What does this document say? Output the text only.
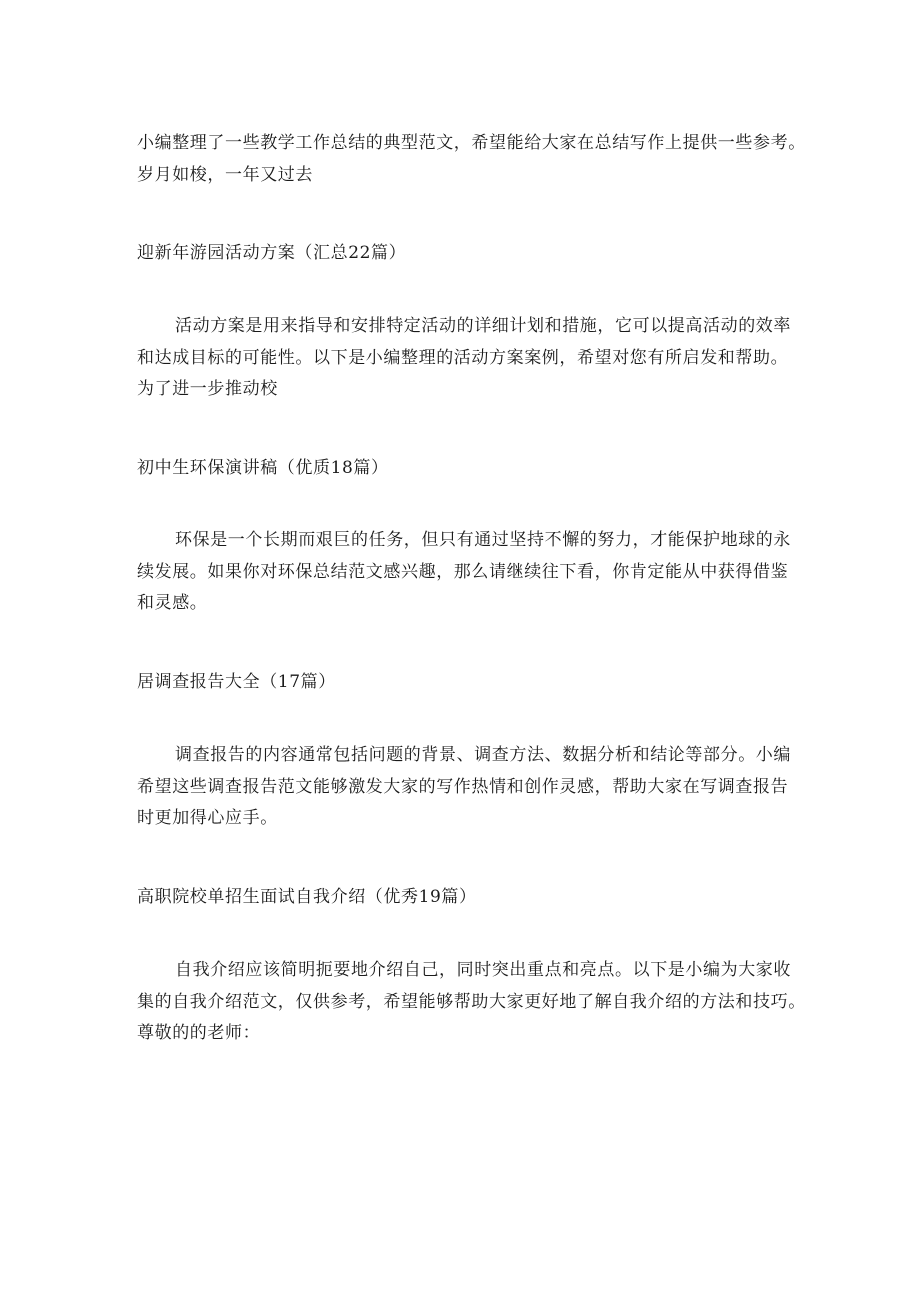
小编整理了一些教学工作总结的典型范文，希望能给大家在总结写作上提供一些参考。
岁月如梭，一年又过去

迎新年游园活动方案（汇总22篇）

活动方案是用来指导和安排特定活动的详细计划和措施，它可以提高活动的效率
和达成目标的可能性。以下是小编整理的活动方案案例，希望对您有所启发和帮助。
为了进一步推动校

初中生环保演讲稿（优质18篇）

环保是一个长期而艰巨的任务，但只有通过坚持不懈的努力，才能保护地球的永
续发展。如果你对环保总结范文感兴趣，那么请继续往下看，你肯定能从中获得借鉴
和灵感。

居调查报告大全（17篇）

调查报告的内容通常包括问题的背景、调查方法、数据分析和结论等部分。小编
希望这些调查报告范文能够激发大家的写作热情和创作灵感，帮助大家在写调查报告
时更加得心应手。

高职院校单招生面试自我介绍（优秀19篇）

自我介绍应该简明扼要地介绍自己，同时突出重点和亮点。以下是小编为大家收
集的自我介绍范文，仅供参考，希望能够帮助大家更好地了解自我介绍的方法和技巧。
尊敬的的老师：
